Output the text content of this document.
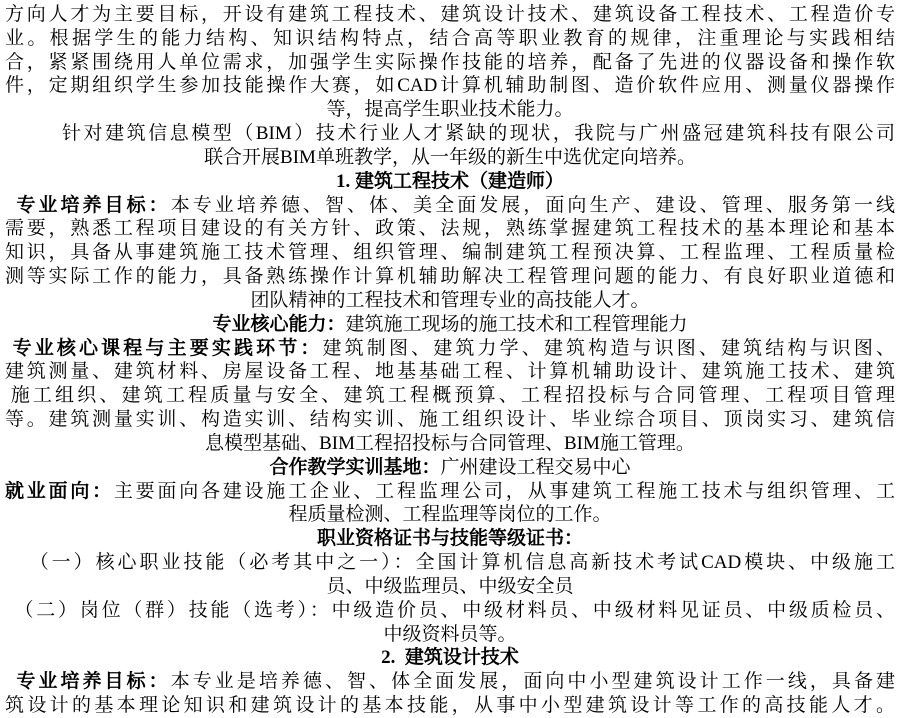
方向人才为主要目标，开设有建筑工程技术、建筑设计技术、建筑设备工程技术、工程造价专
业。根据学生的能力结构、知识结构特点，结合高等职业教育的规律，注重理论与实践相结
合，紧紧围绕用人单位需求，加强学生实际操作技能的培养，配备了先进的仪器设备和操作软
件，定期组织学生参加技能操作大赛，如CAD计算机辅助制图、造价软件应用、测量仪器操作
等，提高学生职业技术能力。
针对建筑信息模型（BIM）技术行业人才紧缺的现状，我院与广州盛冠建筑科技有限公司
联合开展BIM单班教学，从一年级的新生中选优定向培养。
1. 建筑工程技术（建造师）
专业培养目标：本专业培养德、智、体、美全面发展，面向生产、建设、管理、服务第一线
需要，熟悉工程项目建设的有关方针、政策、法规，熟练掌握建筑工程技术的基本理论和基本
知识，具备从事建筑施工技术管理、组织管理、编制建筑工程预决算、工程监理、工程质量检
测等实际工作的能力，具备熟练操作计算机辅助解决工程管理问题的能力、有良好职业道德和
团队精神的工程技术和管理专业的高技能人才。
专业核心能力：建筑施工现场的施工技术和工程管理能力
专业核心课程与主要实践环节：建筑制图、建筑力学、建筑构造与识图、建筑结构与识图、
建筑测量、建筑材料、房屋设备工程、地基基础工程、计算机辅助设计、建筑施工技术、建筑
施工组织、建筑工程质量与安全、建筑工程概预算、工程招投标与合同管理、工程项目管理
等。建筑测量实训、构造实训、结构实训、施工组织设计、毕业综合项目、顶岗实习、建筑信
息模型基础、BIM工程招投标与合同管理、BIM施工管理。
合作教学实训基地：广州建设工程交易中心
就业面向：主要面向各建设施工企业、工程监理公司，从事建筑工程施工技术与组织管理、工
程质量检测、工程监理等岗位的工作。
职业资格证书与技能等级证书：
（一）核心职业技能（必考其中之一）：全国计算机信息高新技术考试CAD模块、中级施工
员、中级监理员、中级安全员
（二）岗位（群）技能（选考）：中级造价员、中级材料员、中级材料见证员、中级质检员、
中级资料员等。
2.  建筑设计技术
专业培养目标：本专业是培养德、智、体全面发展，面向中小型建筑设计工作一线，具备建
筑设计的基本理论知识和建筑设计的基本技能，从事中小型建筑设计等工作的高技能人才。
